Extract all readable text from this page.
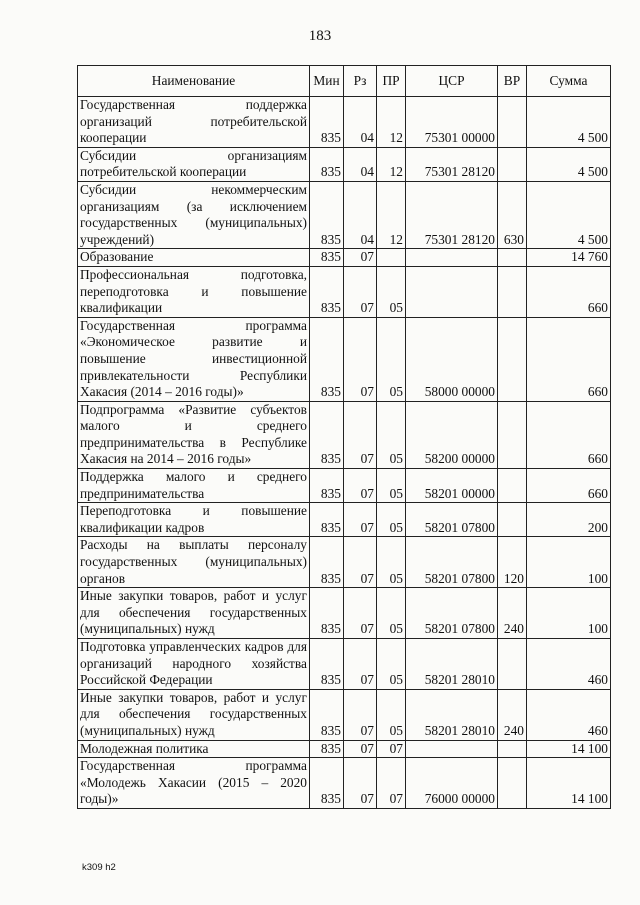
183
Наименование	Мин	Рз	ПР	ЦСР	ВР	Сумма
Государственная поддержка организаций потребительской кооперации	835	04	12	75301 00000		4 500
Субсидии организациям потребительской кооперации	835	04	12	75301 28120		4 500
Субсидии некоммерческим организациям (за исключением государственных (муниципальных) учреждений)	835	04	12	75301 28120	630	4 500
Образование	835	07				14 760
Профессиональная подготовка, переподготовка и повышение квалификации	835	07	05			660
Государственная программа «Экономическое развитие и повышение инвестиционной привлекательности Республики Хакасия (2014 – 2016 годы)»	835	07	05	58000 00000		660
Подпрограмма «Развитие субъектов малого и среднего предпринимательства в Республике Хакасия на 2014 – 2016 годы»	835	07	05	58200 00000		660
Поддержка малого и среднего предпринимательства	835	07	05	58201 00000		660
Переподготовка и повышение квалификации кадров	835	07	05	58201 07800		200
Расходы на выплаты персоналу государственных (муниципальных) органов	835	07	05	58201 07800	120	100
Иные закупки товаров, работ и услуг для обеспечения государственных (муниципальных) нужд	835	07	05	58201 07800	240	100
Подготовка управленческих кадров для организаций народного хозяйства Российской Федерации	835	07	05	58201 28010		460
Иные закупки товаров, работ и услуг для обеспечения государственных (муниципальных) нужд	835	07	05	58201 28010	240	460
Молодежная политика	835	07	07			14 100
Государственная программа «Молодежь Хакасии (2015 – 2020 годы)»	835	07	07	76000 00000		14 100
k309 h2
